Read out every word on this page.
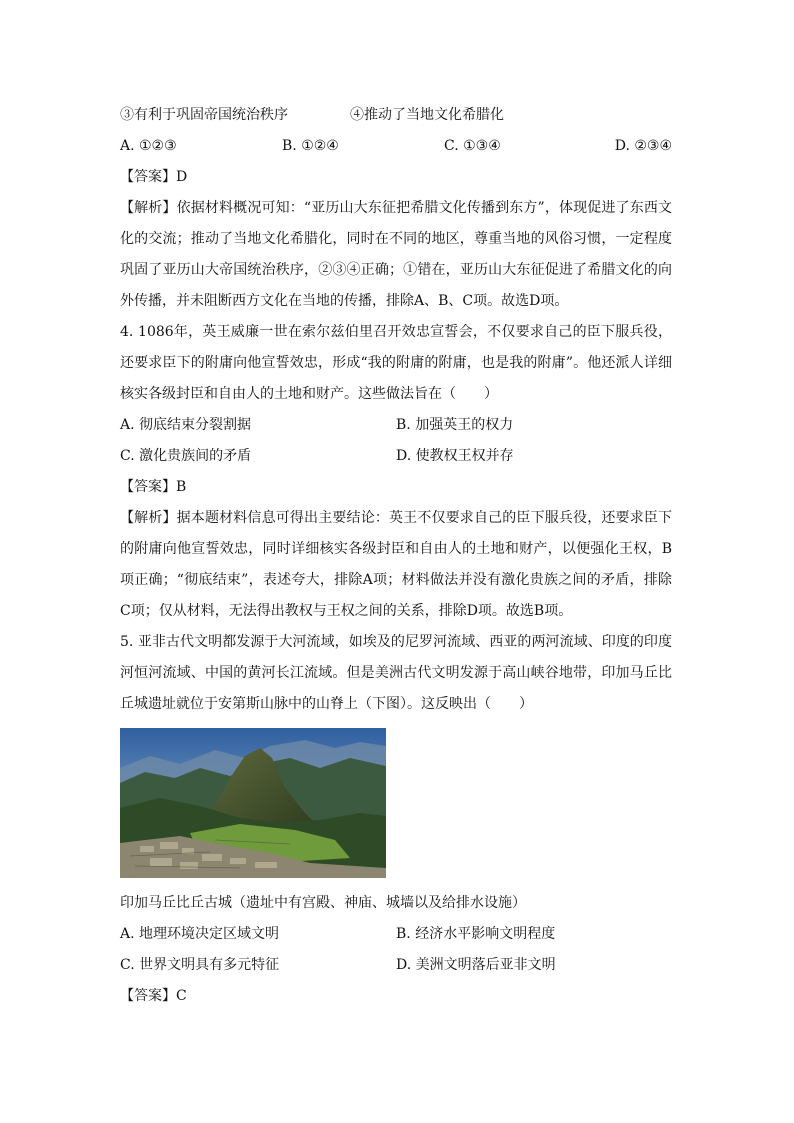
③有利于巩固帝国统治秩序	④推动了当地文化希腊化
A. ①②③	B. ①②④	C. ①③④	D. ②③④
【答案】D
【解析】依据材料概况可知：“亚历山大东征把希腊文化传播到东方”，体现促进了东西文化的交流；推动了当地文化希腊化，同时在不同的地区，尊重当地的风俗习惯，一定程度巩固了亚历山大帝国统治秩序，②③④正确；①错在，亚历山大东征促进了希腊文化的向外传播，并未阻断西方文化在当地的传播，排除A、B、C项。故选D项。
4. 1086年，英王威廉一世在索尔兹伯里召开效忠宣誓会，不仅要求自己的臣下服兵役，还要求臣下的附庸向他宣誓效忠，形成“我的附庸的附庸，也是我的附庸”。他还派人详细核实各级封臣和自由人的土地和财产。这些做法旨在（　　）
A. 彻底结束分裂割据	B. 加强英王的权力
C. 激化贵族间的矛盾	D. 使教权王权并存
【答案】B
【解析】据本题材料信息可得出主要结论：英王不仅要求自己的臣下服兵役，还要求臣下的附庸向他宣誓效忠，同时详细核实各级封臣和自由人的土地和财产，以便强化王权，B项正确；“彻底结束”，表述夸大，排除A项；材料做法并没有激化贵族之间的矛盾，排除C项；仅从材料，无法得出教权与王权之间的关系，排除D项。故选B项。
5. 亚非古代文明都发源于大河流域，如埃及的尼罗河流域、西亚的两河流域、印度的印度河恒河流域、中国的黄河长江流域。但是美洲古代文明发源于高山峡谷地带，印加马丘比丘城遗址就位于安第斯山脉中的山脊上（下图）。这反映出（　　）
印加马丘比丘古城（遗址中有宫殿、神庙、城墙以及给排水设施）
A. 地理环境决定区域文明	B. 经济水平影响文明程度
C. 世界文明具有多元特征	D. 美洲文明落后亚非文明
【答案】C
